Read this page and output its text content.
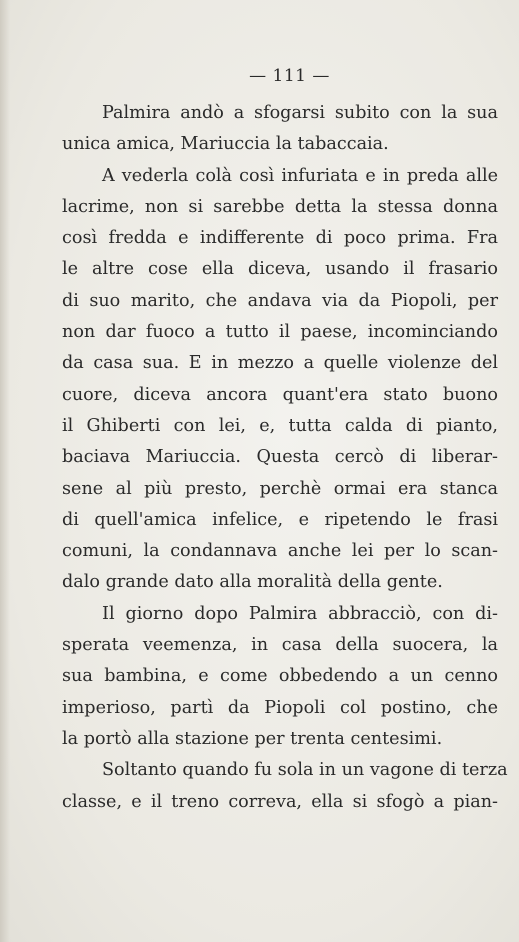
— 111 —
Palmira andò a sfogarsi subito con la sua
unica amica, Mariuccia la tabaccaia.
A vederla colà così infuriata e in preda alle
lacrime, non si sarebbe detta la stessa donna
così fredda e indifferente di poco prima. Fra
le altre cose ella diceva, usando il frasario
di suo marito, che andava via da Piopoli, per
non dar fuoco a tutto il paese, incominciando
da casa sua. E in mezzo a quelle violenze del
cuore, diceva ancora quant'era stato buono
il Ghiberti con lei, e, tutta calda di pianto,
baciava Mariuccia. Questa cercò di liberar-
sene al più presto, perchè ormai era stanca
di quell'amica infelice, e ripetendo le frasi
comuni, la condannava anche lei per lo scan-
dalo grande dato alla moralità della gente.
Il giorno dopo Palmira abbracciò, con di-
sperata veemenza, in casa della suocera, la
sua bambina, e come obbedendo a un cenno
imperioso, partì da Piopoli col postino, che
la portò alla stazione per trenta centesimi.
Soltanto quando fu sola in un vagone di terza
classe, e il treno correva, ella si sfogò a pian-
